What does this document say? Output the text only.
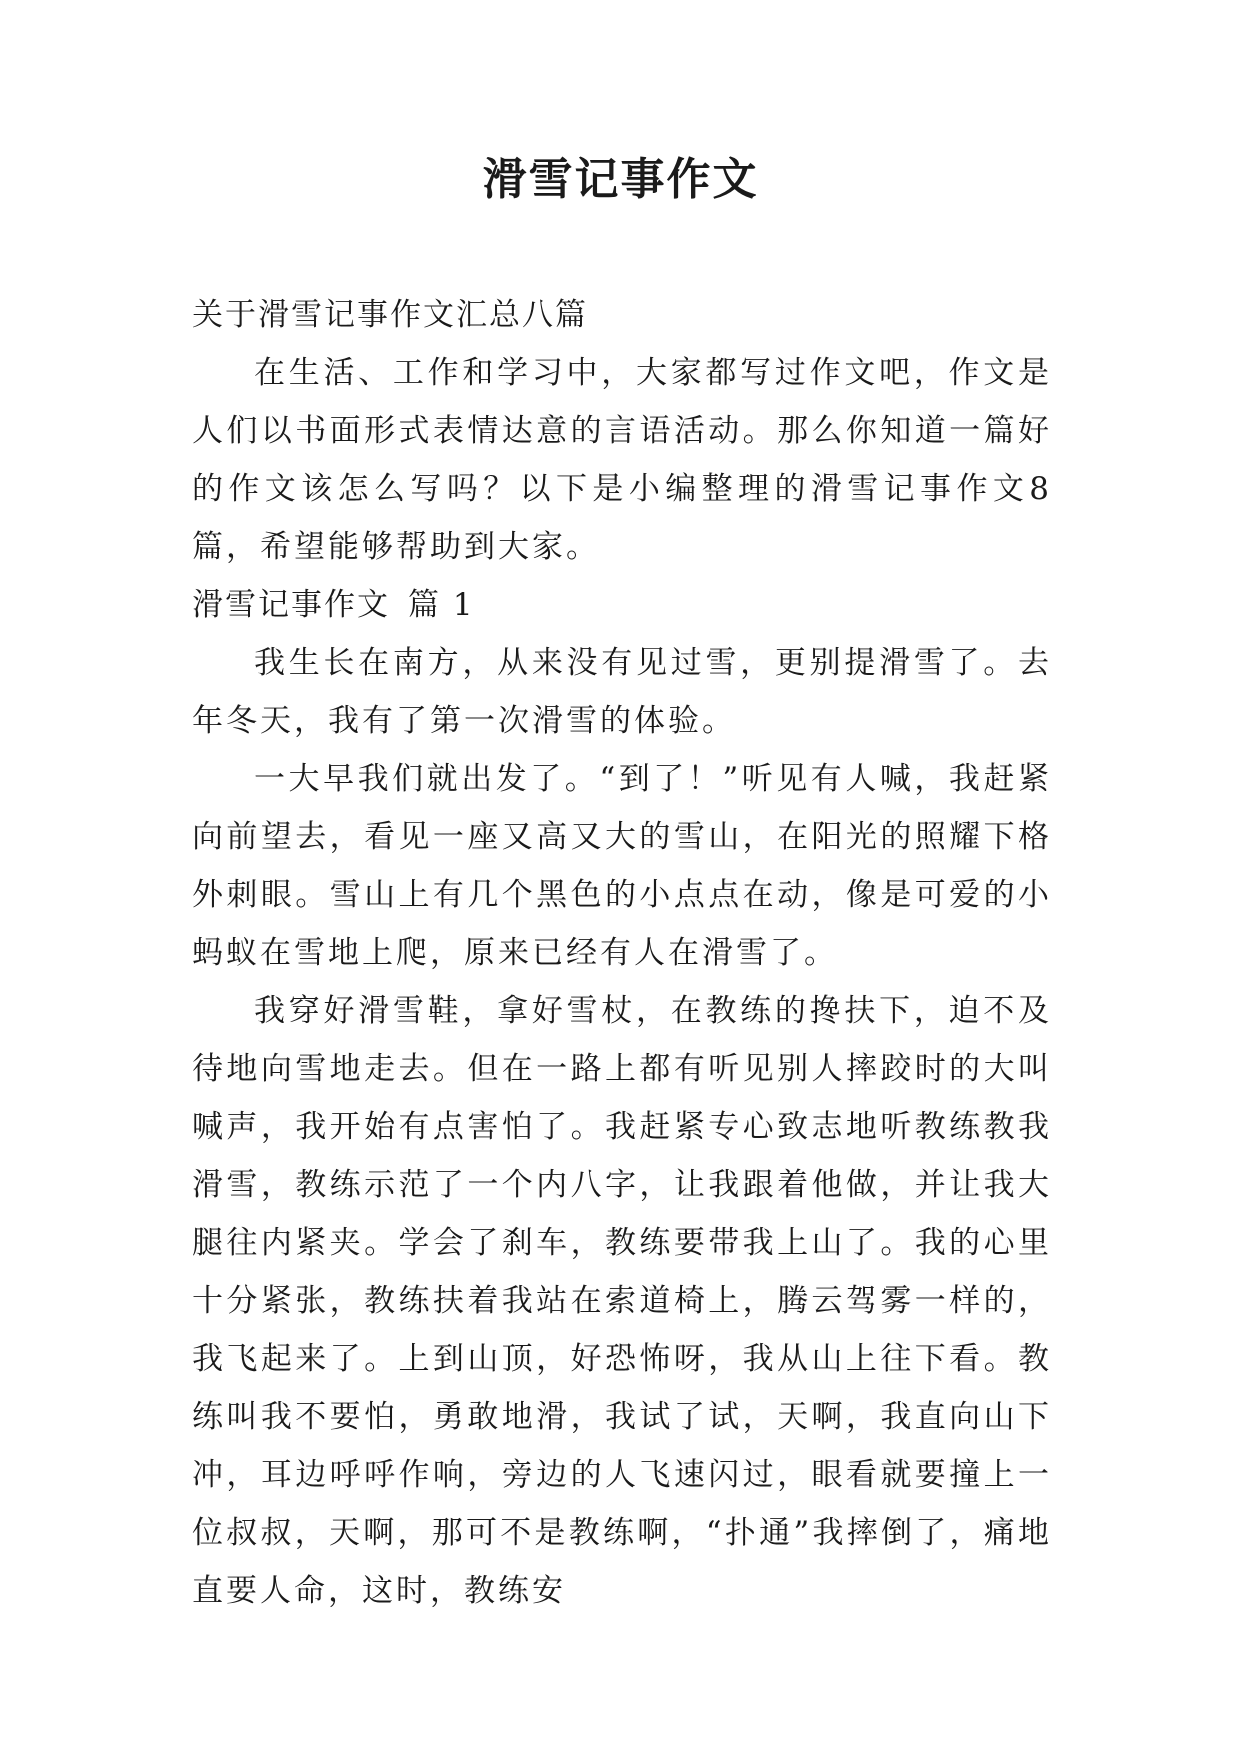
滑雪记事作文

关于滑雪记事作文汇总八篇

在生活、工作和学习中，大家都写过作文吧，作文是人们以书面形式表情达意的言语活动。那么你知道一篇好的作文该怎么写吗？以下是小编整理的滑雪记事作文8篇，希望能够帮助到大家。

滑雪记事作文 篇 1

我生长在南方，从来没有见过雪，更别提滑雪了。去年冬天，我有了第一次滑雪的体验。

一大早我们就出发了。“到了！”听见有人喊，我赶紧向前望去，看见一座又高又大的雪山，在阳光的照耀下格外刺眼。雪山上有几个黑色的小点点在动，像是可爱的小蚂蚁在雪地上爬，原来已经有人在滑雪了。

我穿好滑雪鞋，拿好雪杖，在教练的搀扶下，迫不及待地向雪地走去。但在一路上都有听见别人摔跤时的大叫喊声，我开始有点害怕了。我赶紧专心致志地听教练教我滑雪，教练示范了一个内八字，让我跟着他做，并让我大腿往内紧夹。学会了刹车，教练要带我上山了。我的心里十分紧张，教练扶着我站在索道椅上，腾云驾雾一样的，我飞起来了。上到山顶，好恐怖呀，我从山上往下看。教练叫我不要怕，勇敢地滑，我试了试，天啊，我直向山下冲，耳边呼呼作响，旁边的人飞速闪过，眼看就要撞上一位叔叔，天啊，那可不是教练啊，“扑通”我摔倒了，痛地直要人命，这时，教练安
